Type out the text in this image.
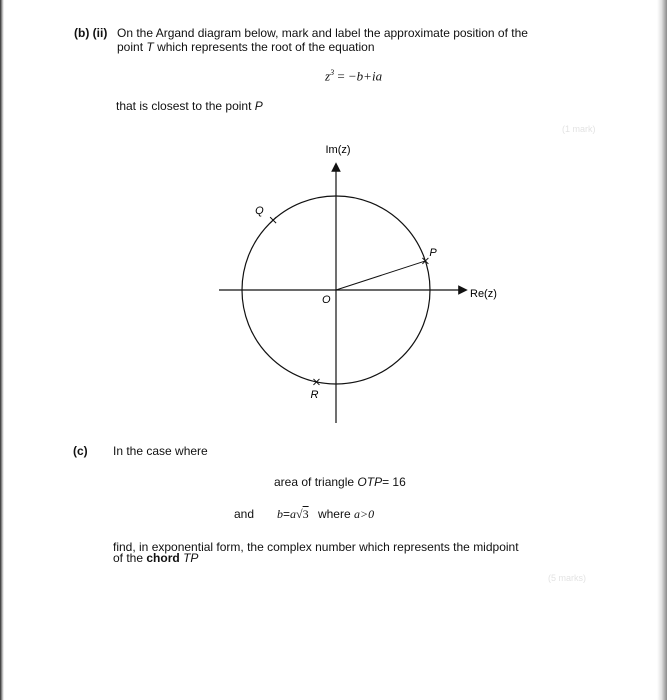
(b) (ii) On the Argand diagram below, mark and label the approximate position of the
point T which represents the root of the equation
$z^3 = -b+ia$
that is closest to the point P
(1 mark)
Im(z)
Re(z)
O
P
Q
R
(c) In the case where
area of triangle OTP= 16
and b=a√3 where a>0
find, in exponential form, the complex number which represents the midpoint
of the chord TP
(5 marks)
